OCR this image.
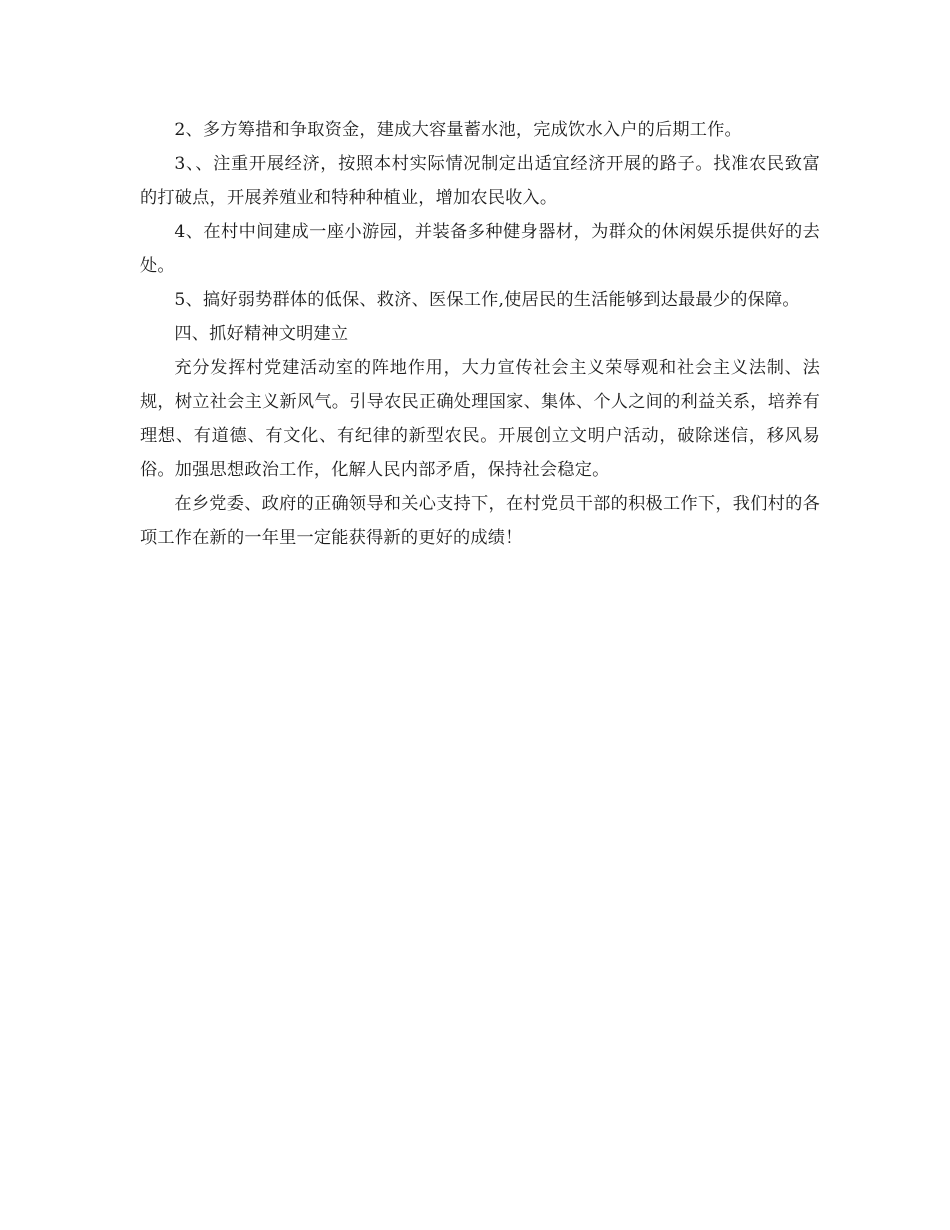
2、多方筹措和争取资金，建成大容量蓄水池，完成饮水入户的后期工作。

3、、注重开展经济，按照本村实际情况制定出适宜经济开展的路子。找准农民致富的打破点，开展养殖业和特种种植业，增加农民收入。

4、在村中间建成一座小游园，并装备多种健身器材，为群众的休闲娱乐提供好的去处。

5、搞好弱势群体的低保、救济、医保工作,使居民的生活能够到达最最少的保障。

四、抓好精神文明建立

充分发挥村党建活动室的阵地作用，大力宣传社会主义荣辱观和社会主义法制、法规，树立社会主义新风气。引导农民正确处理国家、集体、个人之间的利益关系，培养有理想、有道德、有文化、有纪律的新型农民。开展创立文明户活动，破除迷信，移风易俗。加强思想政治工作，化解人民内部矛盾，保持社会稳定。

在乡党委、政府的正确领导和关心支持下，在村党员干部的积极工作下，我们村的各项工作在新的一年里一定能获得新的更好的成绩！
